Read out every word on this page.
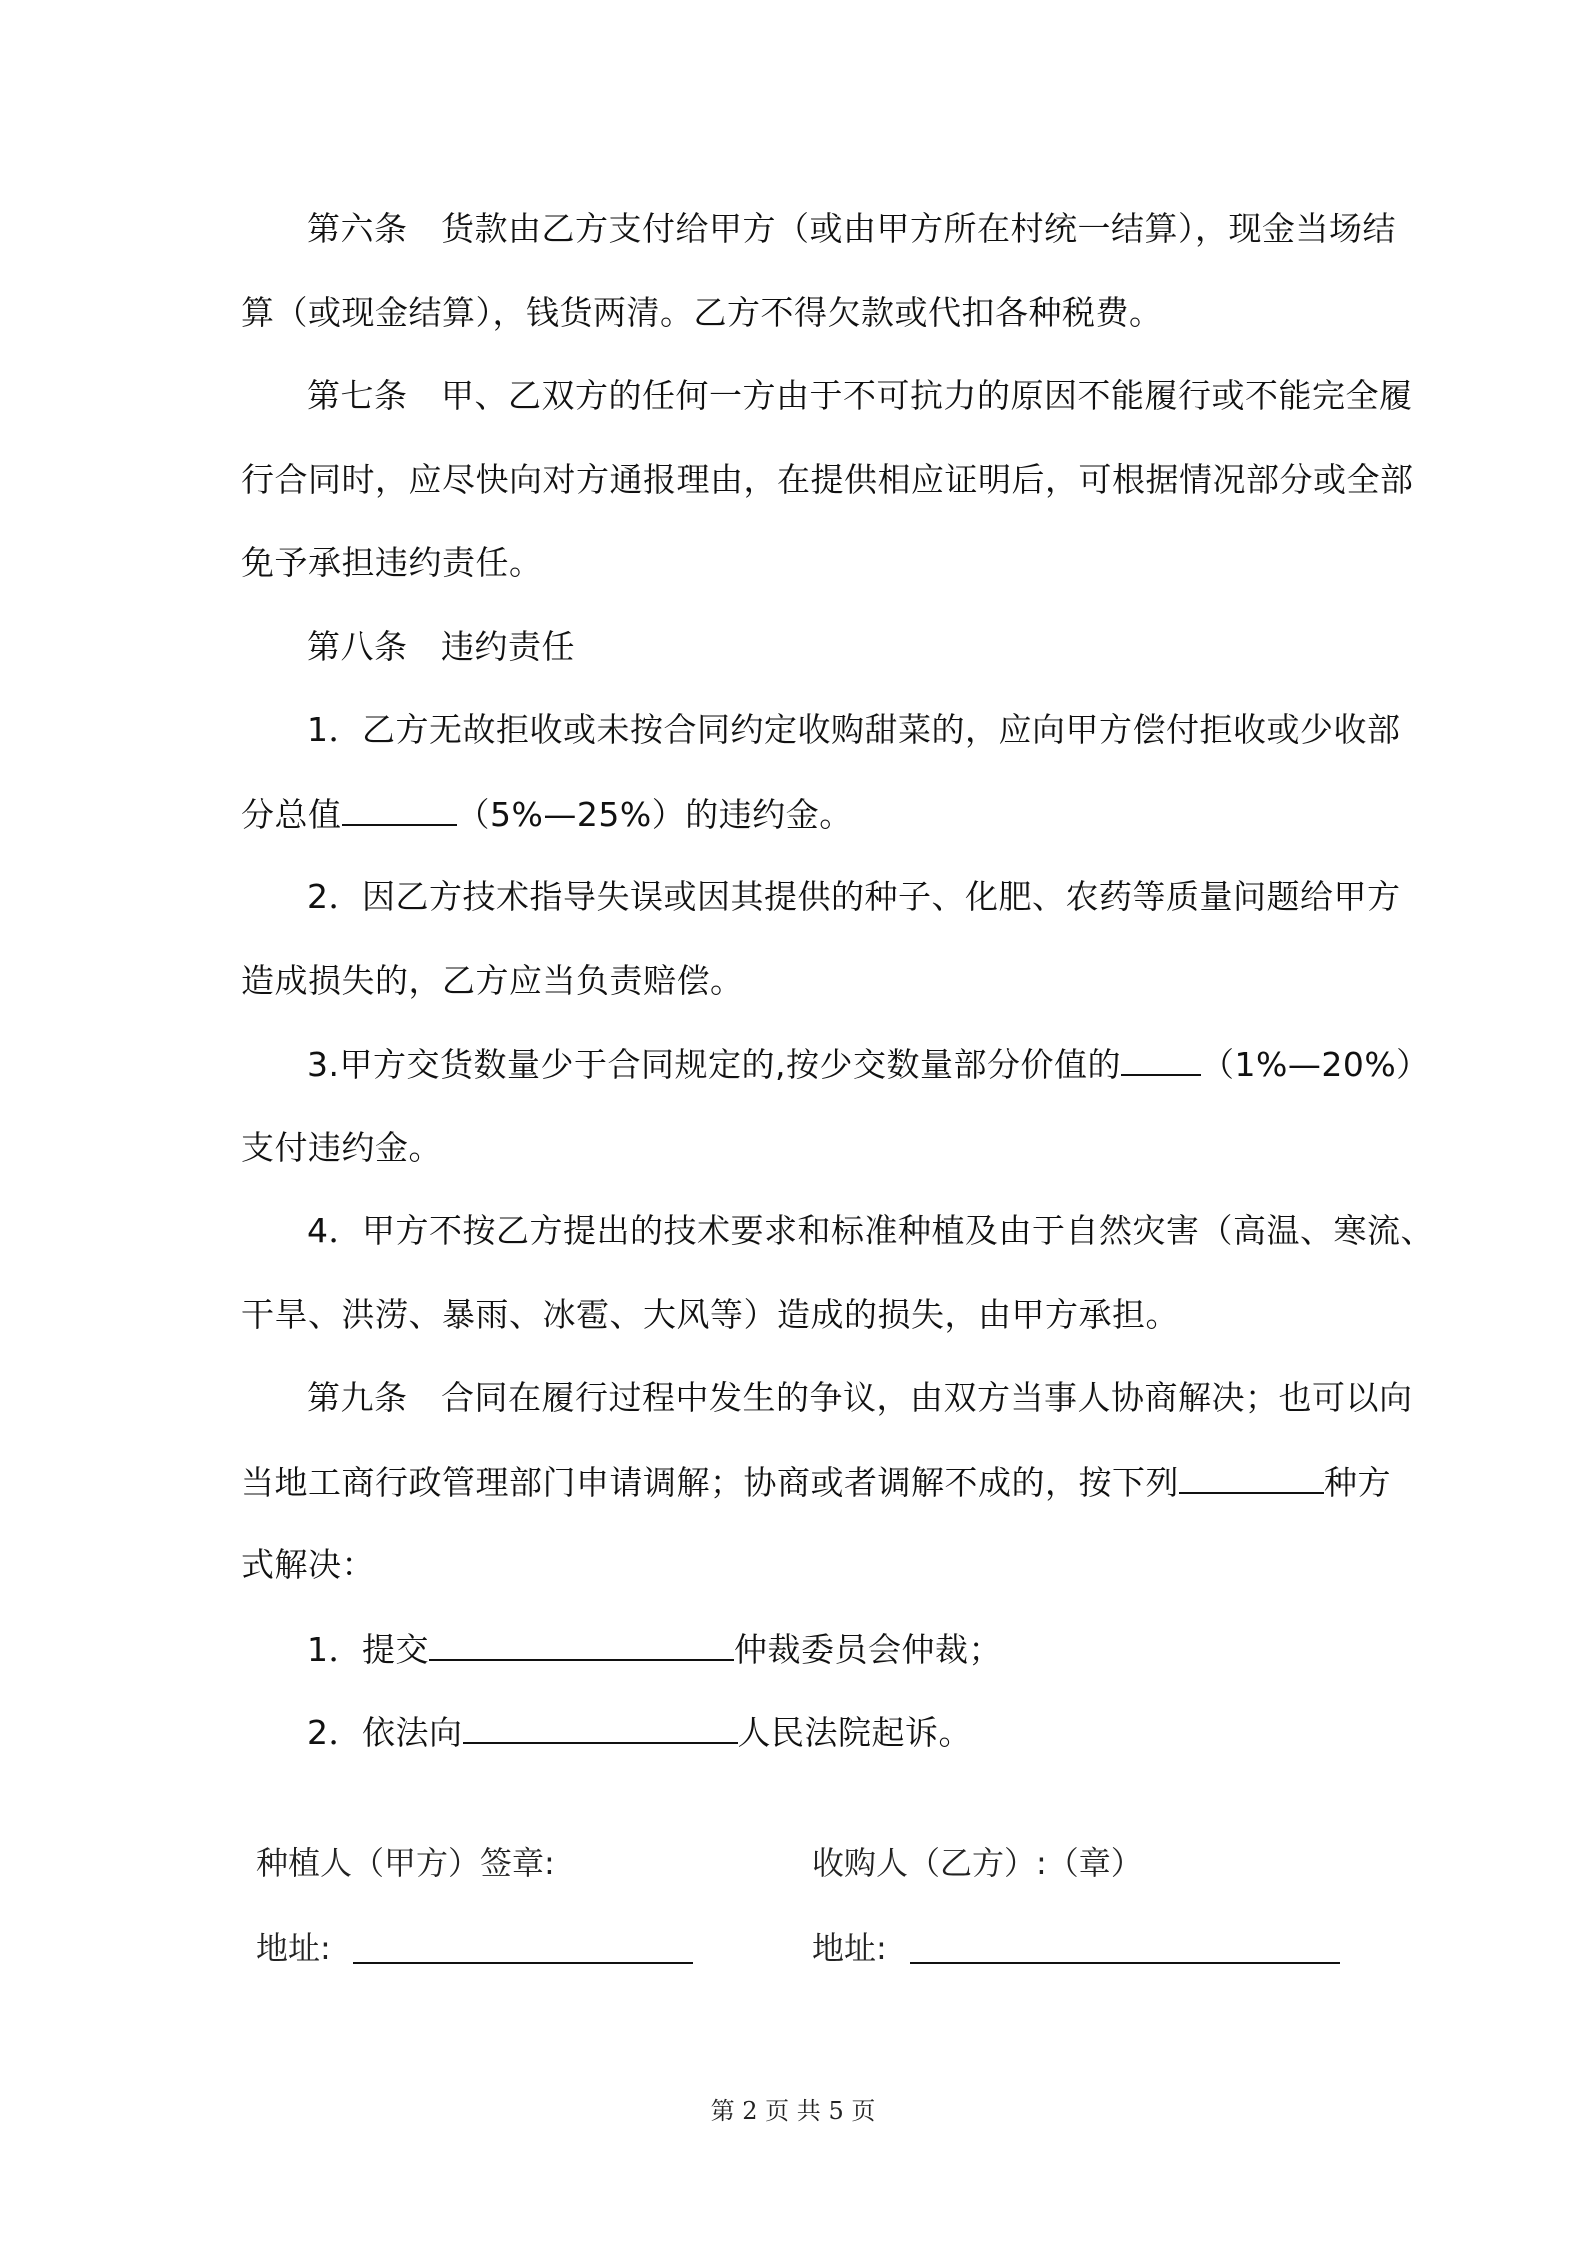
第六条　货款由乙方支付给甲方（或由甲方所在村统一结算），现金当场结
算（或现金结算），钱货两清。乙方不得欠款或代扣各种税费。
第七条　甲、乙双方的任何一方由于不可抗力的原因不能履行或不能完全履
行合同时，应尽快向对方通报理由，在提供相应证明后，可根据情况部分或全部
免予承担违约责任。
第八条　违约责任
1．乙方无故拒收或未按合同约定收购甜菜的，应向甲方偿付拒收或少收部
分总值	（5%—25%）的违约金。
2．因乙方技术指导失误或因其提供的种子、化肥、农药等质量问题给甲方
造成损失的，乙方应当负责赔偿。
3.甲方交货数量少于合同规定的,按少交数量部分价值的 （1%—20%）
支付违约金。
4．甲方不按乙方提出的技术要求和标准种植及由于自然灾害（高温、寒流、
干旱、洪涝、暴雨、冰雹、大风等）造成的损失，由甲方承担。
第九条　合同在履行过程中发生的争议，由双方当事人协商解决；也可以向
当地工商行政管理部门申请调解；协商或者调解不成的，按下列	种方
式解决：
1．提交	仲裁委员会仲裁；
2．依法向	人民法院起诉。
种植人（甲方）签章:	收购人（乙方）:（章）
地址:	地址:
第 2 页 共 5 页
